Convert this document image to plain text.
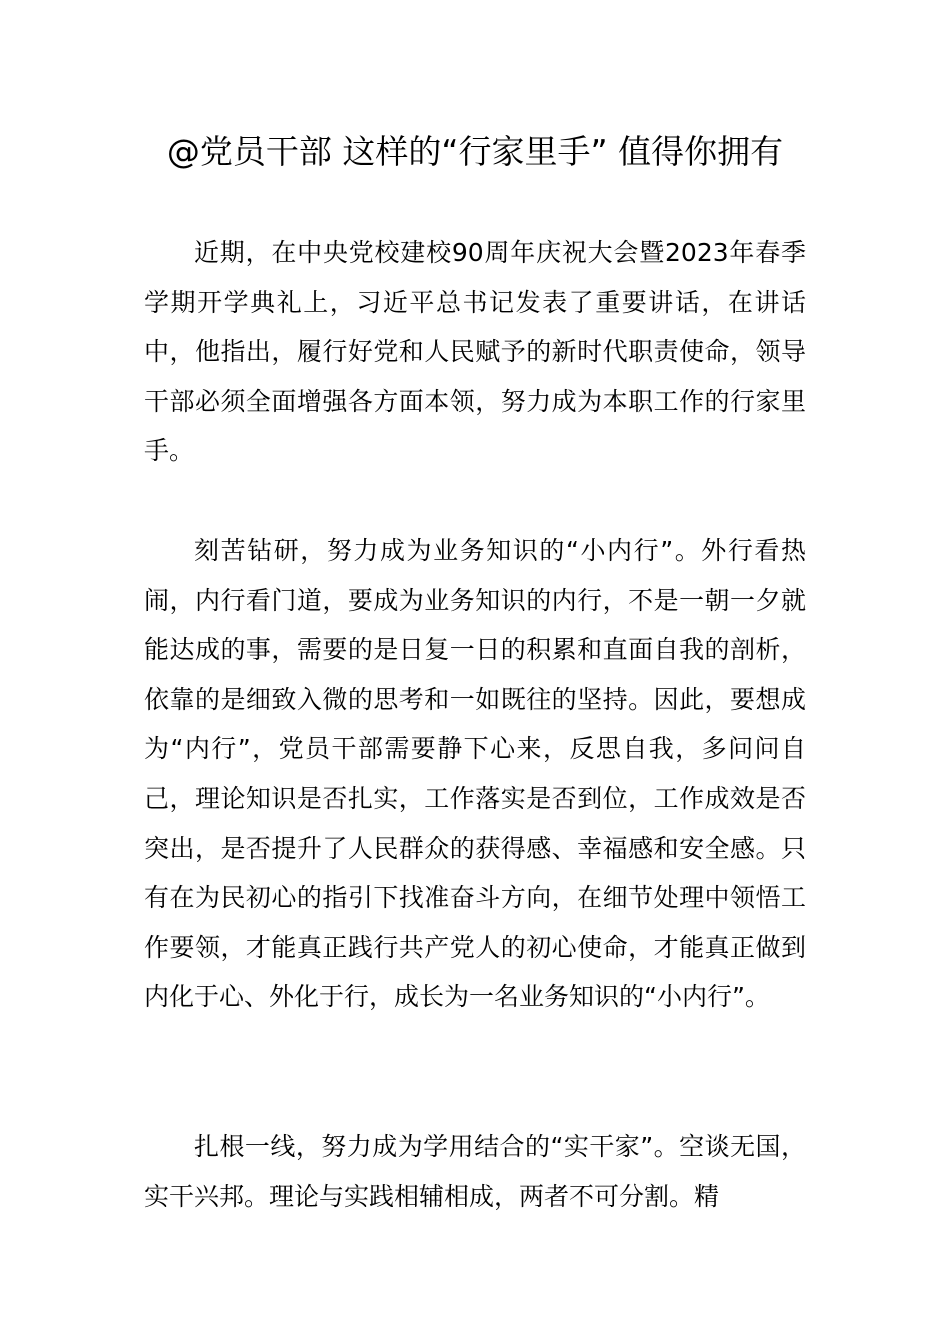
@党员干部 这样的“行家里手” 值得你拥有

近期，在中央党校建校90周年庆祝大会暨2023年春季学期开学典礼上，习近平总书记发表了重要讲话，在讲话中，他指出，履行好党和人民赋予的新时代职责使命，领导干部必须全面增强各方面本领，努力成为本职工作的行家里手。

刻苦钻研，努力成为业务知识的“小内行”。外行看热闹，内行看门道，要成为业务知识的内行，不是一朝一夕就能达成的事，需要的是日复一日的积累和直面自我的剖析，依靠的是细致入微的思考和一如既往的坚持。因此，要想成为“内行”，党员干部需要静下心来，反思自我，多问问自己，理论知识是否扎实，工作落实是否到位，工作成效是否突出，是否提升了人民群众的获得感、幸福感和安全感。只有在为民初心的指引下找准奋斗方向，在细节处理中领悟工作要领，才能真正践行共产党人的初心使命，才能真正做到内化于心、外化于行，成长为一名业务知识的“小内行”。

扎根一线，努力成为学用结合的“实干家”。空谈无国，实干兴邦。理论与实践相辅相成，两者不可分割。精
